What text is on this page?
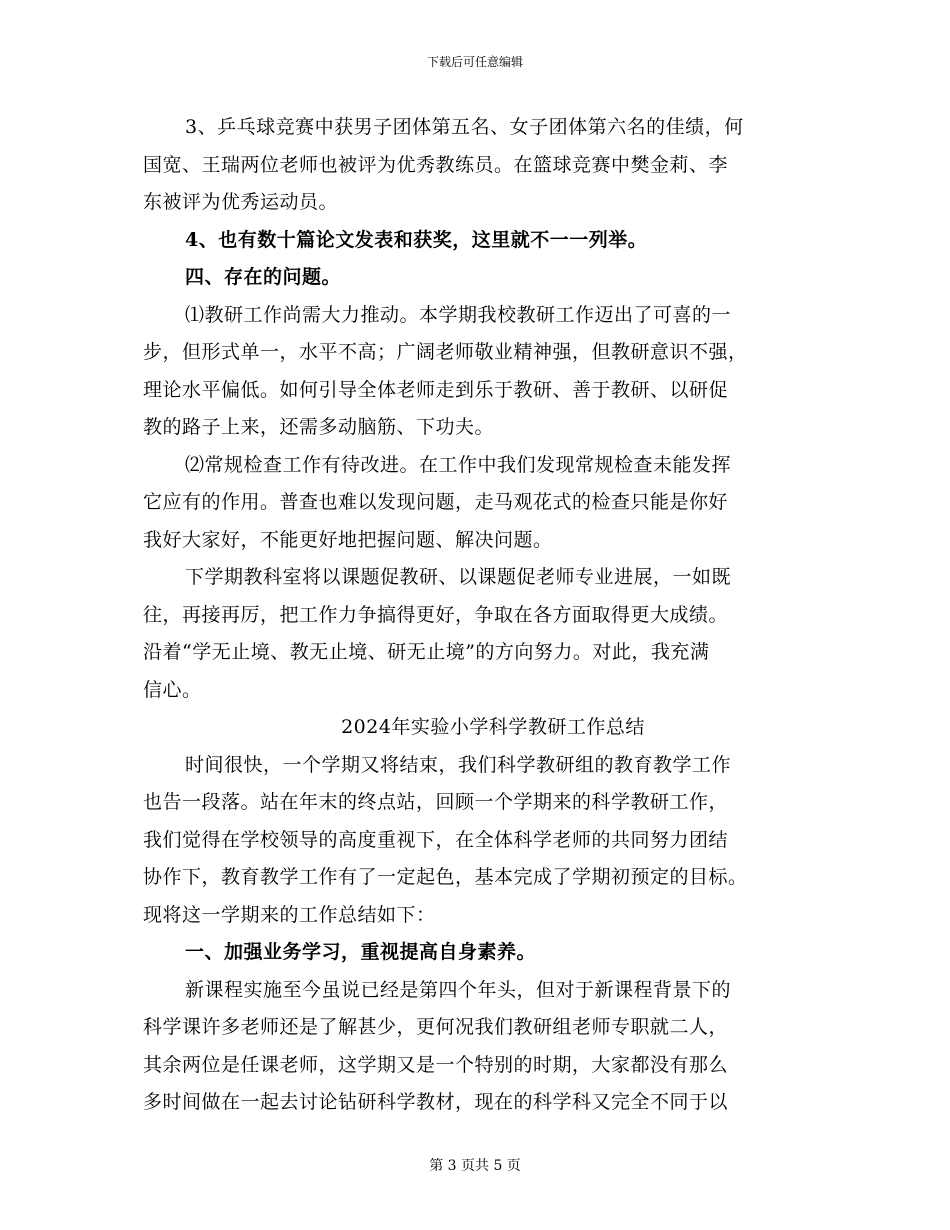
下载后可任意编辑

3、乒乓球竞赛中获男子团体第五名、女子团体第六名的佳绩，何

国宽、王瑞两位老师也被评为优秀教练员。在篮球竞赛中樊金莉、李

东被评为优秀运动员。

4、也有数十篇论文发表和获奖，这里就不一一列举。

四、存在的问题。

⑴教研工作尚需大力推动。本学期我校教研工作迈出了可喜的一

步，但形式单一，水平不高；广阔老师敬业精神强，但教研意识不强，

理论水平偏低。如何引导全体老师走到乐于教研、善于教研、以研促

教的路子上来，还需多动脑筋、下功夫。

⑵常规检查工作有待改进。在工作中我们发现常规检查未能发挥

它应有的作用。普查也难以发现问题，走马观花式的检查只能是你好

我好大家好，不能更好地把握问题、解决问题。

下学期教科室将以课题促教研、以课题促老师专业进展，一如既

往，再接再厉，把工作力争搞得更好，争取在各方面取得更大成绩。

沿着“学无止境、教无止境、研无止境”的方向努力。对此，我充满

信心。

2024年实验小学科学教研工作总结

时间很快，一个学期又将结束，我们科学教研组的教育教学工作

也告一段落。站在年末的终点站，回顾一个学期来的科学教研工作，

我们觉得在学校领导的高度重视下，在全体科学老师的共同努力团结

协作下，教育教学工作有了一定起色，基本完成了学期初预定的目标。

现将这一学期来的工作总结如下：

一、加强业务学习，重视提高自身素养。

新课程实施至今虽说已经是第四个年头，但对于新课程背景下的

科学课许多老师还是了解甚少，更何况我们教研组老师专职就二人，

其余两位是任课老师，这学期又是一个特别的时期，大家都没有那么

多时间做在一起去讨论钻研科学教材，现在的科学科又完全不同于以

第 3 页共 5 页
